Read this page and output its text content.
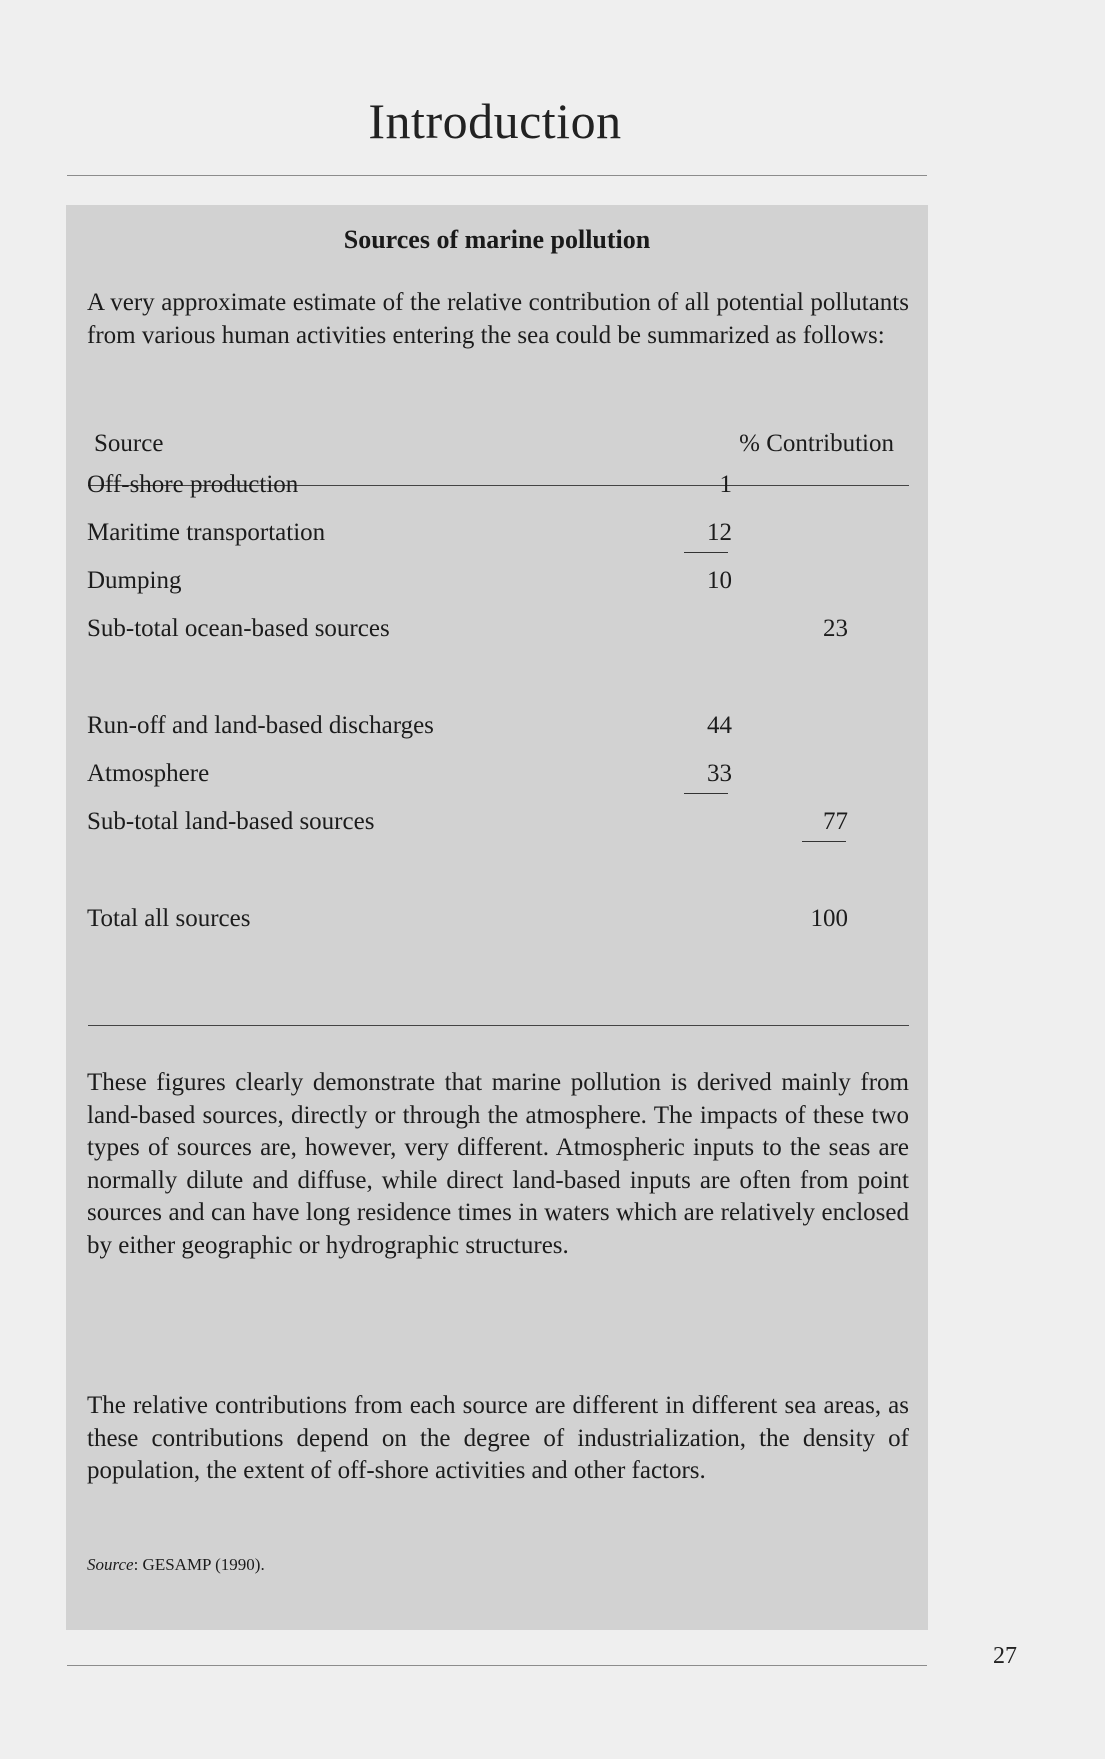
Introduction
Sources of marine pollution
A very approximate estimate of the relative contribution of all potential pollutants from various human activities entering the sea could be summarized as follows:
Source	% Contribution
Off-shore production	1
Maritime transportation	12
Dumping	10
Sub-total ocean-based sources	23
Run-off and land-based discharges	44
Atmosphere	33
Sub-total land-based sources	77
Total all sources	100
These figures clearly demonstrate that marine pollution is derived mainly from land-based sources, directly or through the atmosphere. The impacts of these two types of sources are, however, very different. Atmospheric inputs to the seas are normally dilute and diffuse, while direct land-based inputs are often from point sources and can have long residence times in waters which are relatively enclosed by either geographic or hydrographic structures.
The relative contributions from each source are different in different sea areas, as these contributions depend on the degree of industrialization, the density of population, the extent of off-shore activities and other factors.
Source: GESAMP (1990).
27
